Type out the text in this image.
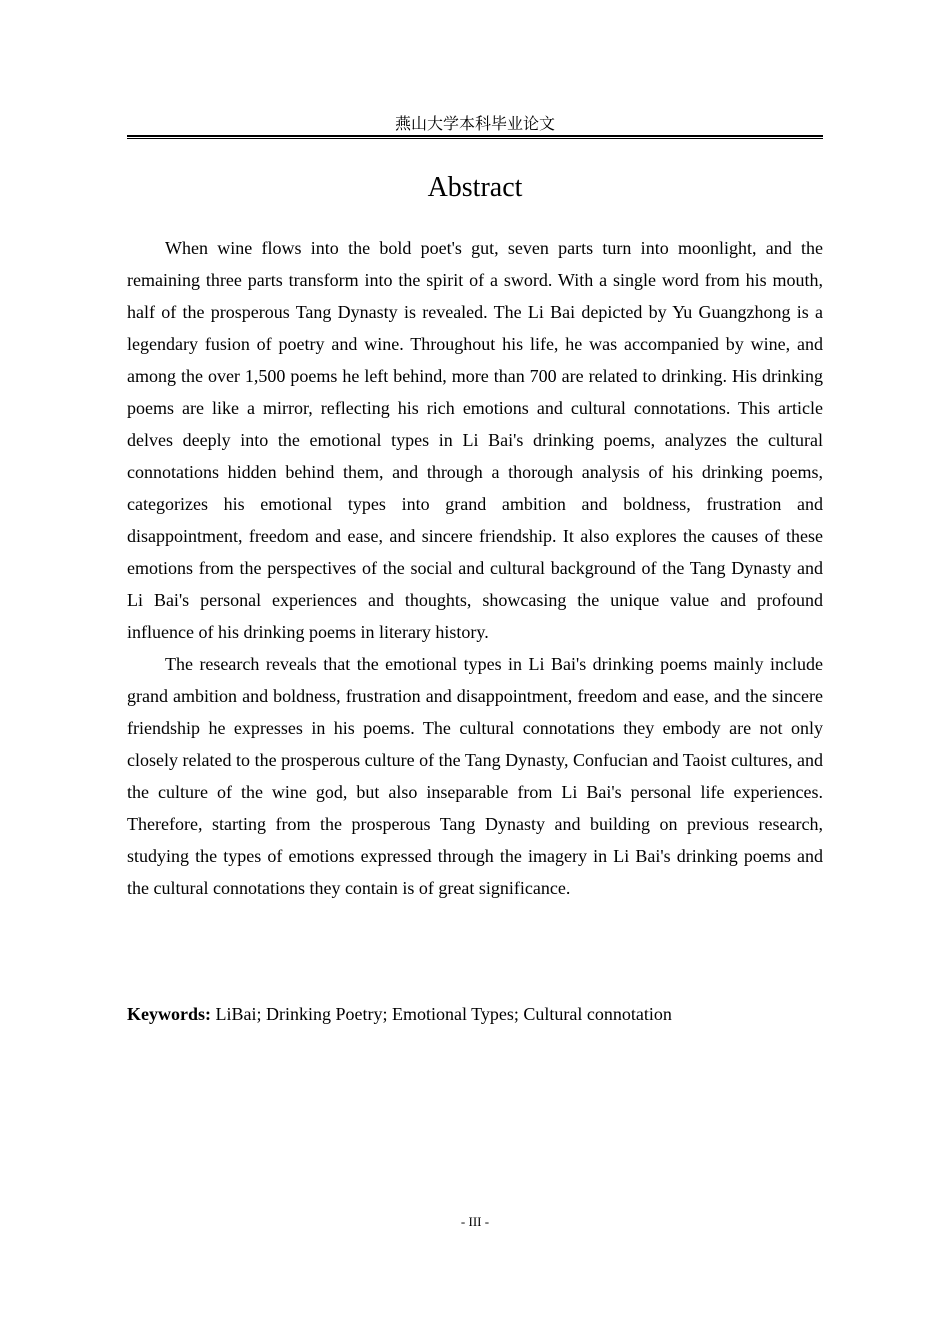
燕山大学本科毕业论文
Abstract

When wine flows into the bold poet's gut, seven parts turn into moonlight, and the remaining three parts transform into the spirit of a sword. With a single word from his mouth, half of the prosperous Tang Dynasty is revealed. The Li Bai depicted by Yu Guangzhong is a legendary fusion of poetry and wine. Throughout his life, he was accompanied by wine, and among the over 1,500 poems he left behind, more than 700 are related to drinking. His drinking poems are like a mirror, reflecting his rich emotions and cultural connotations. This article delves deeply into the emotional types in Li Bai's drinking poems, analyzes the cultural connotations hidden behind them, and through a thorough analysis of his drinking poems, categorizes his emotional types into grand ambition and boldness, frustration and disappointment, freedom and ease, and sincere friendship. It also explores the causes of these emotions from the perspectives of the social and cultural background of the Tang Dynasty and Li Bai's personal experiences and thoughts, showcasing the unique value and profound influence of his drinking poems in literary history.

The research reveals that the emotional types in Li Bai's drinking poems mainly include grand ambition and boldness, frustration and disappointment, freedom and ease, and the sincere friendship he expresses in his poems. The cultural connotations they embody are not only closely related to the prosperous culture of the Tang Dynasty, Confucian and Taoist cultures, and the culture of the wine god, but also inseparable from Li Bai's personal life experiences. Therefore, starting from the prosperous Tang Dynasty and building on previous research, studying the types of emotions expressed through the imagery in Li Bai's drinking poems and the cultural connotations they contain is of great significance.

Keywords: LiBai; Drinking Poetry; Emotional Types; Cultural connotation
- III -
